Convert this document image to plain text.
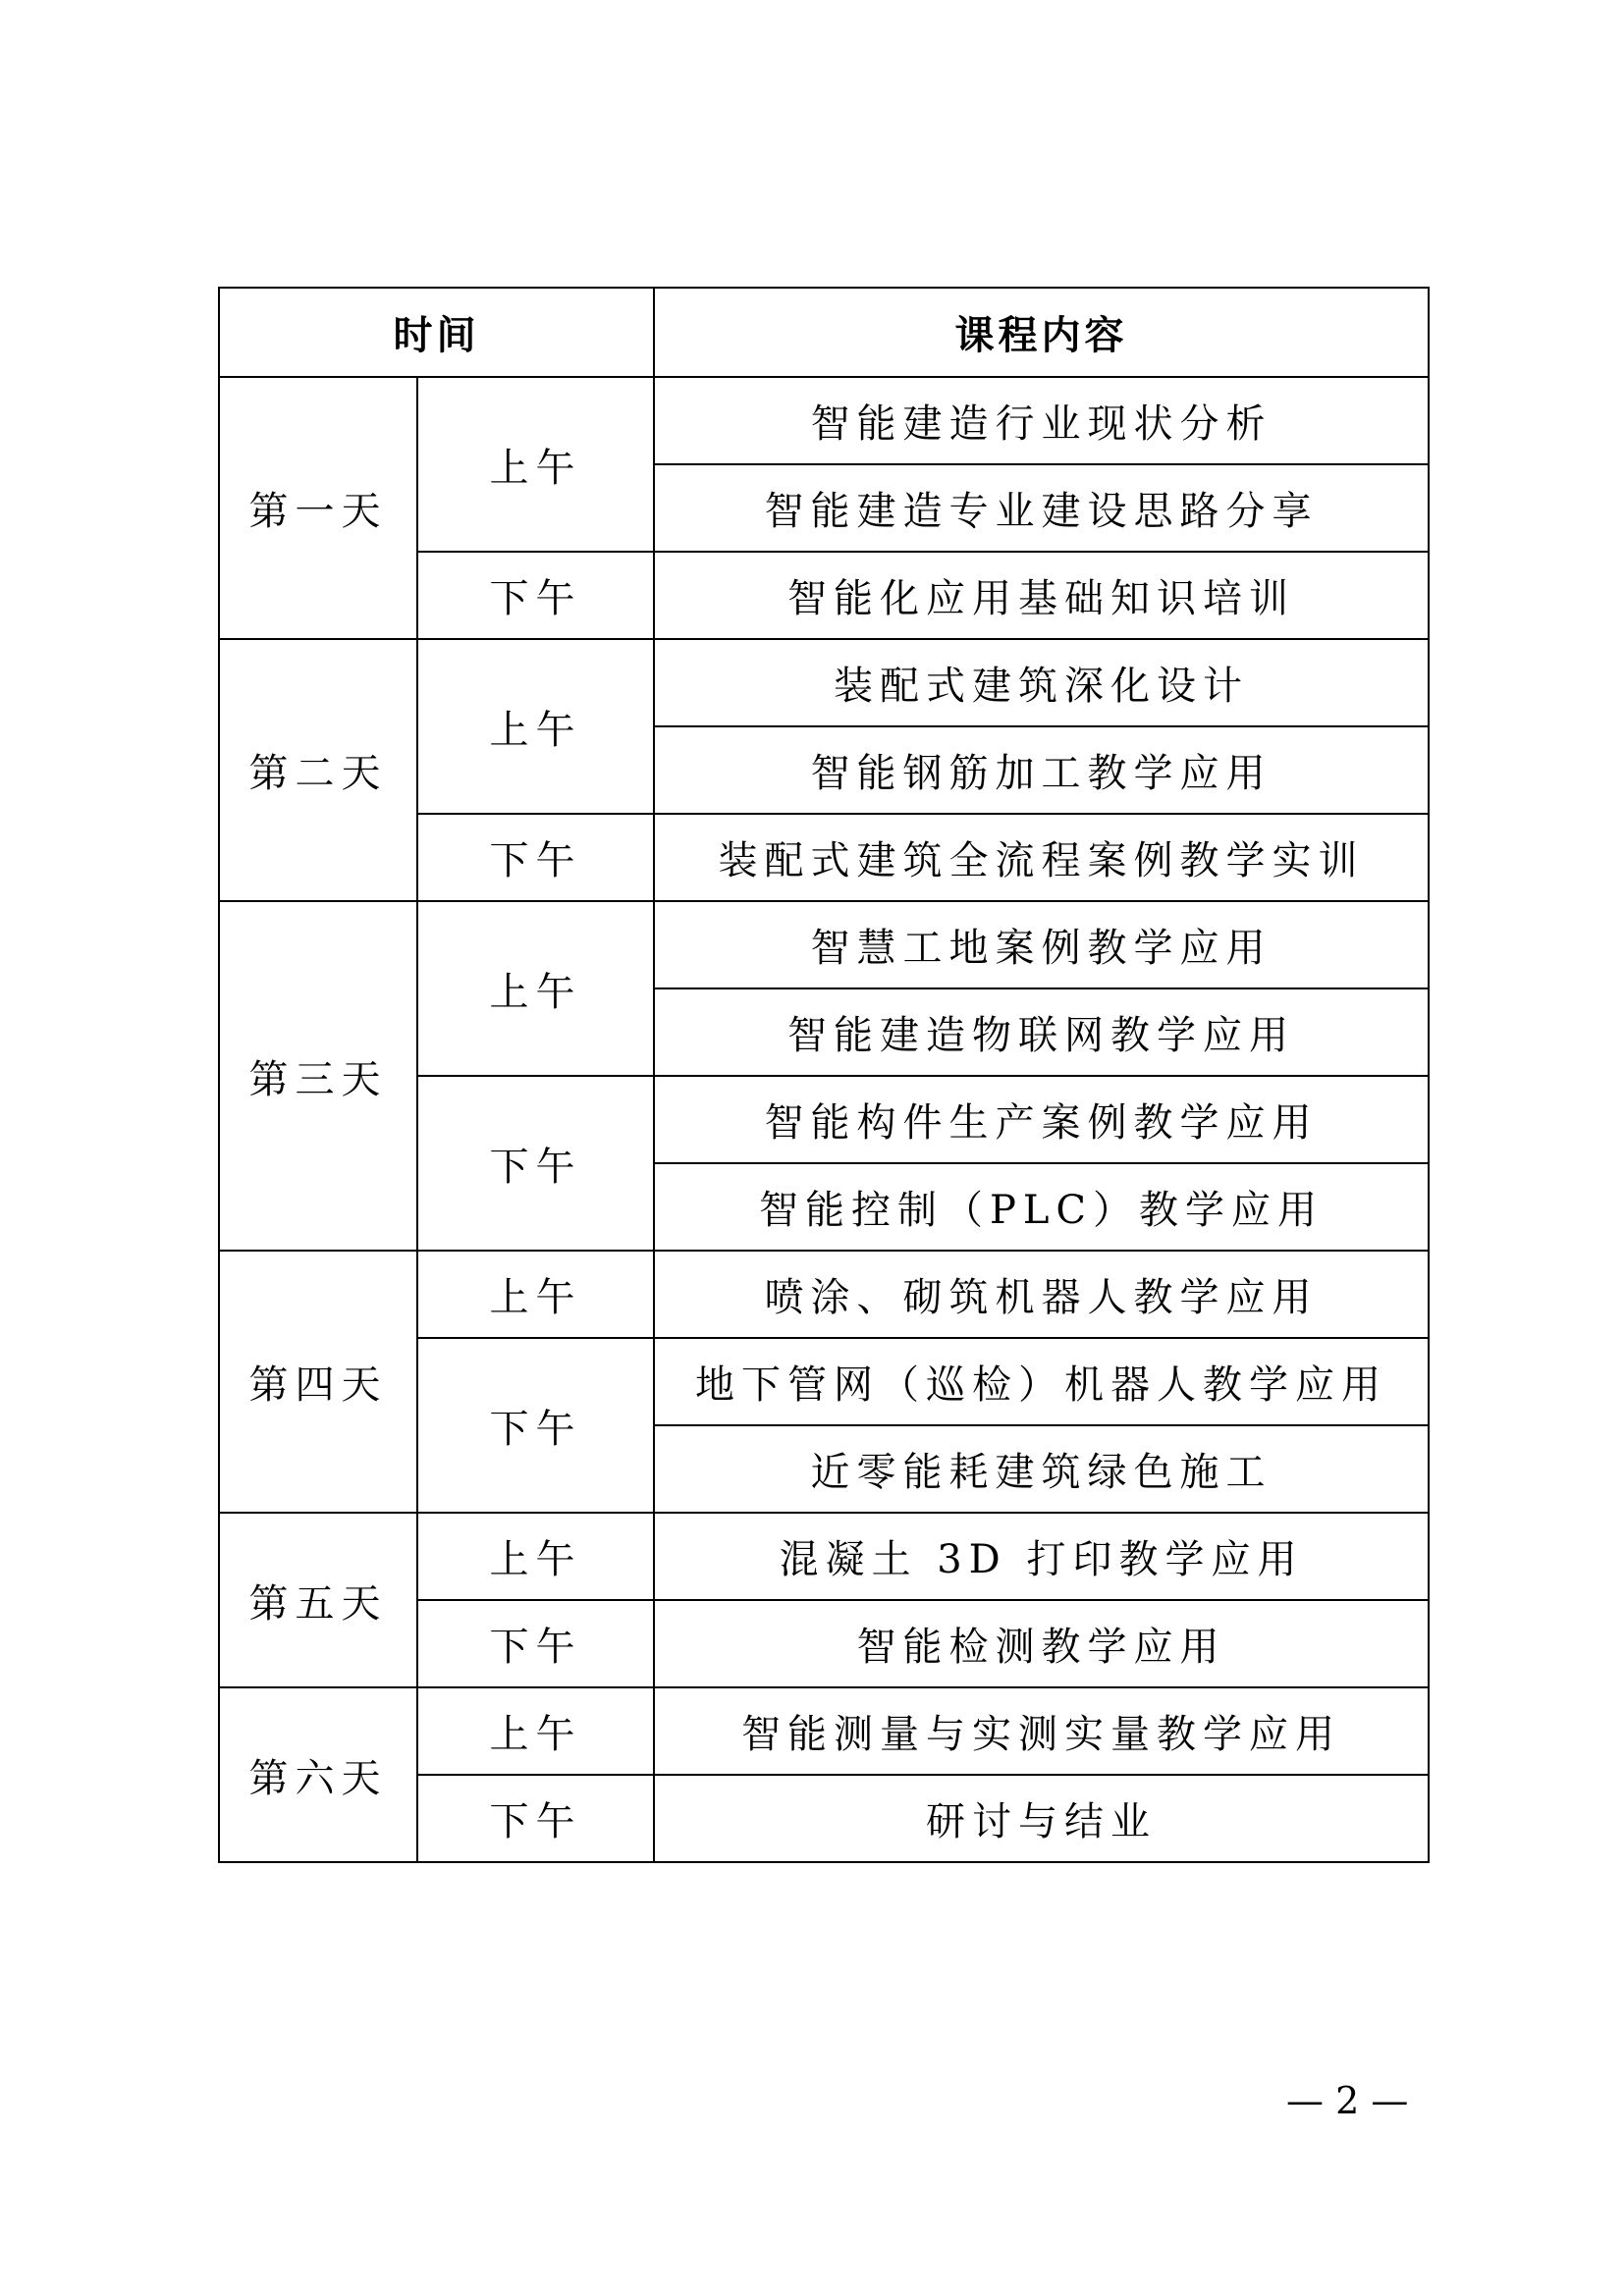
时间		课程内容
第一天	上午	智能建造行业现状分析
		智能建造专业建设思路分享
	下午	智能化应用基础知识培训
第二天	上午	装配式建筑深化设计
		智能钢筋加工教学应用
	下午	装配式建筑全流程案例教学实训
第三天	上午	智慧工地案例教学应用
		智能建造物联网教学应用
	下午	智能构件生产案例教学应用
		智能控制（PLC）教学应用
第四天	上午	喷涂、砌筑机器人教学应用
	下午	地下管网（巡检）机器人教学应用
		近零能耗建筑绿色施工
第五天	上午	混凝土 3D 打印教学应用
	下午	智能检测教学应用
第六天	上午	智能测量与实测实量教学应用
	下午	研讨与结业
— 2 —
